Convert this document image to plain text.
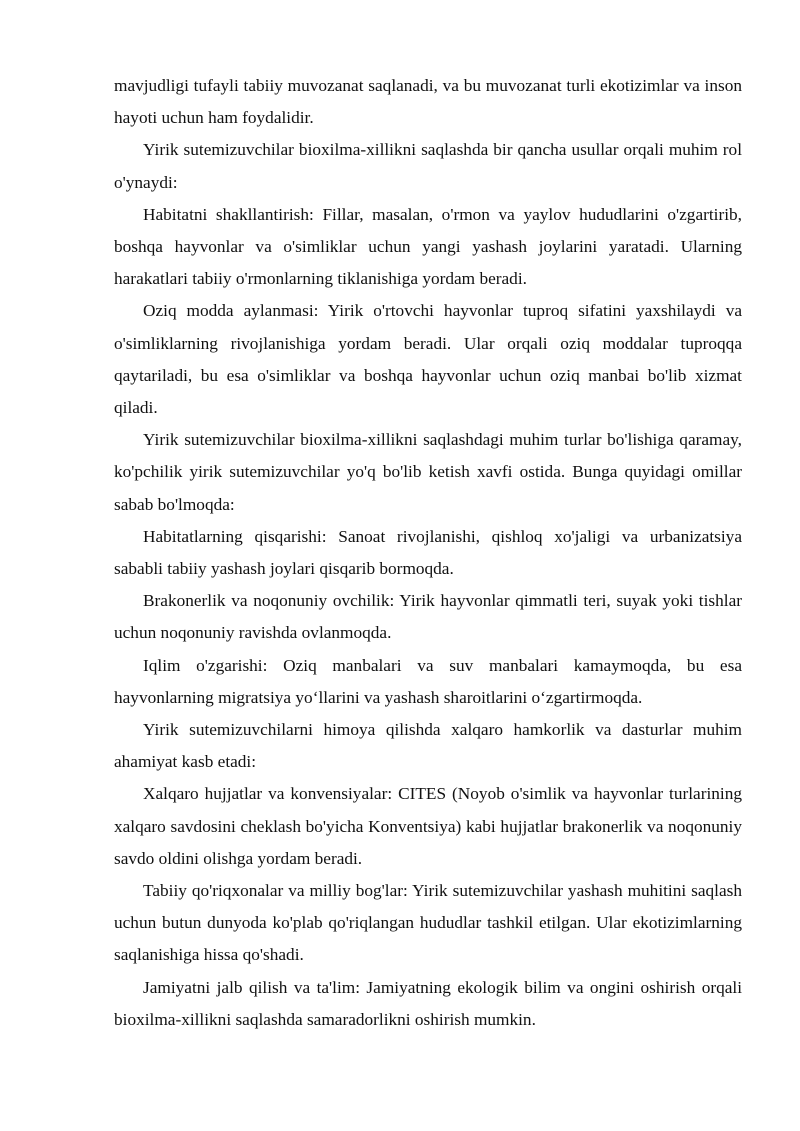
mavjudligi tufayli tabiiy muvozanat saqlanadi, va bu muvozanat turli ekotizimlar va inson hayoti uchun ham foydalidir.

Yirik sutemizuvchilar bioxilma-xillikni saqlashda bir qancha usullar orqali muhim rol o'ynaydi:

Habitatni shakllantirish: Fillar, masalan, o'rmon va yaylov hududlarini o'zgartirib, boshqa hayvonlar va o'simliklar uchun yangi yashash joylarini yaratadi. Ularning harakatlari tabiiy o'rmonlarning tiklanishiga yordam beradi.

Oziq modda aylanmasi: Yirik o'rtovchi hayvonlar tuproq sifatini yaxshilaydi va o'simliklarning rivojlanishiga yordam beradi. Ular orqali oziq moddalar tuproqqa qaytariladi, bu esa o'simliklar va boshqa hayvonlar uchun oziq manbai bo'lib xizmat qiladi.

Yirik sutemizuvchilar bioxilma-xillikni saqlashdagi muhim turlar bo'lishiga qaramay, ko'pchilik yirik sutemizuvchilar yo'q bo'lib ketish xavfi ostida. Bunga quyidagi omillar sabab bo'lmoqda:

Habitatlarning qisqarishi: Sanoat rivojlanishi, qishloq xo'jaligi va urbanizatsiya sababli tabiiy yashash joylari qisqarib bormoqda.

Brakonerlik va noqonuniy ovchilik: Yirik hayvonlar qimmatli teri, suyak yoki tishlar uchun noqonuniy ravishda ovlanmoqda.

Iqlim o'zgarishi: Oziq manbalari va suv manbalari kamaymoqda, bu esa hayvonlarning migratsiya yo‘llarini va yashash sharoitlarini o‘zgartirmoqda.

Yirik sutemizuvchilarni himoya qilishda xalqaro hamkorlik va dasturlar muhim ahamiyat kasb etadi:

Xalqaro hujjatlar va konvensiyalar: CITES (Noyob o'simlik va hayvonlar turlarining xalqaro savdosini cheklash bo'yicha Konventsiya) kabi hujjatlar brakonerlik va noqonuniy savdo oldini olishga yordam beradi.

Tabiiy qo'riqxonalar va milliy bog'lar: Yirik sutemizuvchilar yashash muhitini saqlash uchun butun dunyoda ko'plab qo'riqlangan hududlar tashkil etilgan. Ular ekotizimlarning saqlanishiga hissa qo'shadi.

Jamiyatni jalb qilish va ta'lim: Jamiyatning ekologik bilim va ongini oshirish orqali bioxilma-xillikni saqlashda samaradorlikni oshirish mumkin.
